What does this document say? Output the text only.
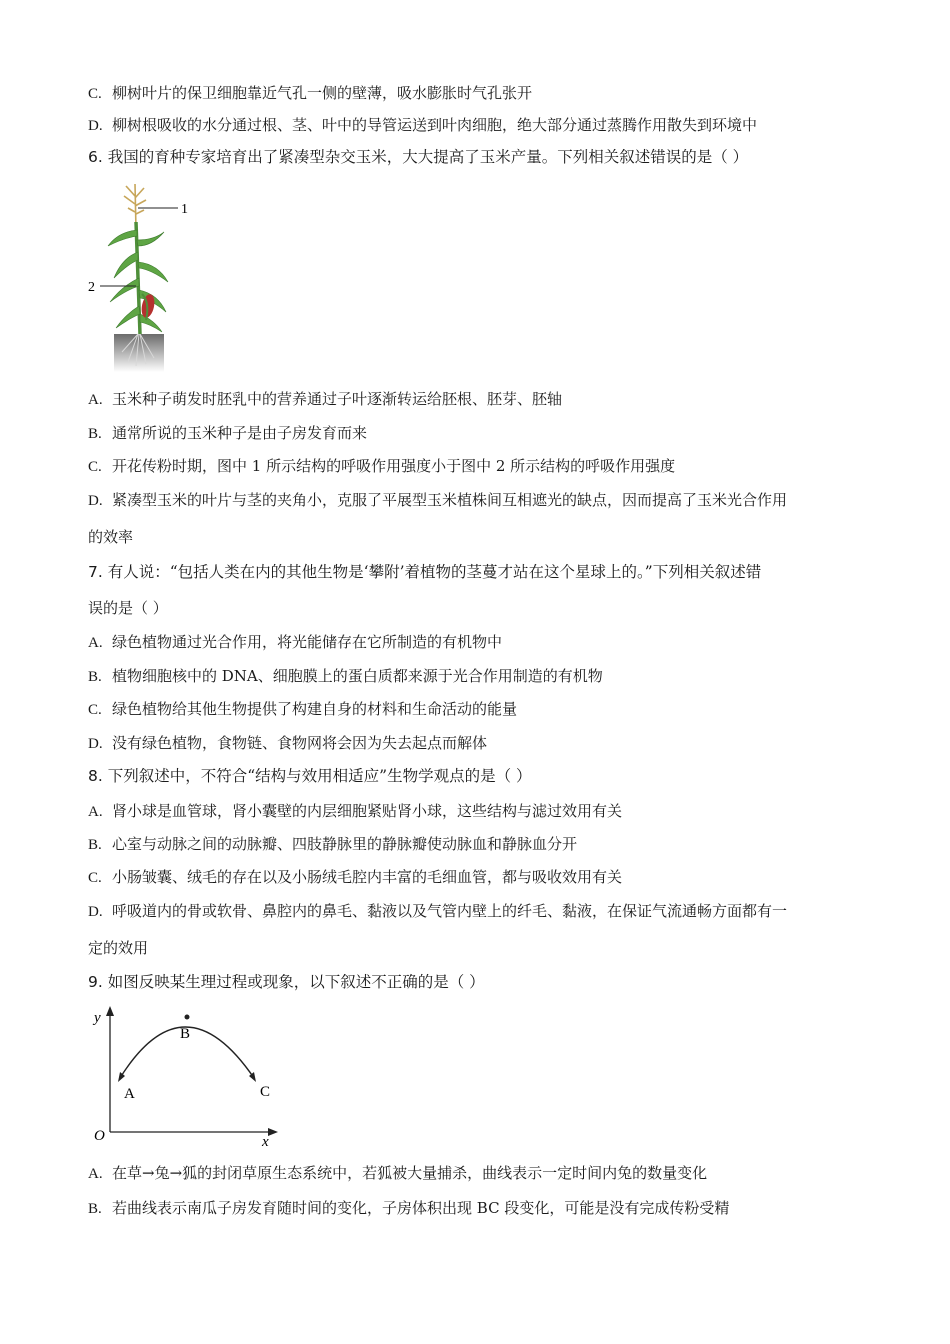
C. 柳树叶片的保卫细胞靠近气孔一侧的壁薄，吸水膨胀时气孔张开
D. 柳树根吸收的水分通过根、茎、叶中的导管运送到叶肉细胞，绝大部分通过蒸腾作用散失到环境中
6. 我国的育种专家培育出了紧凑型杂交玉米，大大提高了玉米产量。下列相关叙述错误的是（ ）
1
2
A. 玉米种子萌发时胚乳中的营养通过子叶逐渐转运给胚根、胚芽、胚轴
B. 通常所说的玉米种子是由子房发育而来
C. 开花传粉时期，图中 1 所示结构的呼吸作用强度小于图中 2 所示结构的呼吸作用强度
D. 紧凑型玉米的叶片与茎的夹角小，克服了平展型玉米植株间互相遮光的缺点，因而提高了玉米光合作用
的效率
7. 有人说：“包括人类在内的其他生物是‘攀附’着植物的茎蔓才站在这个星球上的。”下列相关叙述错
误的是（ ）
A. 绿色植物通过光合作用，将光能储存在它所制造的有机物中
B. 植物细胞核中的 DNA、细胞膜上的蛋白质都来源于光合作用制造的有机物
C. 绿色植物给其他生物提供了构建自身的材料和生命活动的能量
D. 没有绿色植物，食物链、食物网将会因为失去起点而解体
8. 下列叙述中，不符合“结构与效用相适应”生物学观点的是（ ）
A. 肾小球是血管球，肾小囊壁的内层细胞紧贴肾小球，这些结构与滤过效用有关
B. 心室与动脉之间的动脉瓣、四肢静脉里的静脉瓣使动脉血和静脉血分开
C. 小肠皱囊、绒毛的存在以及小肠绒毛腔内丰富的毛细血管，都与吸收效用有关
D. 呼吸道内的骨或软骨、鼻腔内的鼻毛、黏液以及气管内壁上的纤毛、黏液，在保证气流通畅方面都有一
定的效用
9. 如图反映某生理过程或现象，以下叙述不正确的是（ ）
y
x
O
A
B
C
A. 在草→兔→狐的封闭草原生态系统中，若狐被大量捕杀，曲线表示一定时间内兔的数量变化
B. 若曲线表示南瓜子房发育随时间的变化，子房体积出现 BC 段变化，可能是没有完成传粉受精
